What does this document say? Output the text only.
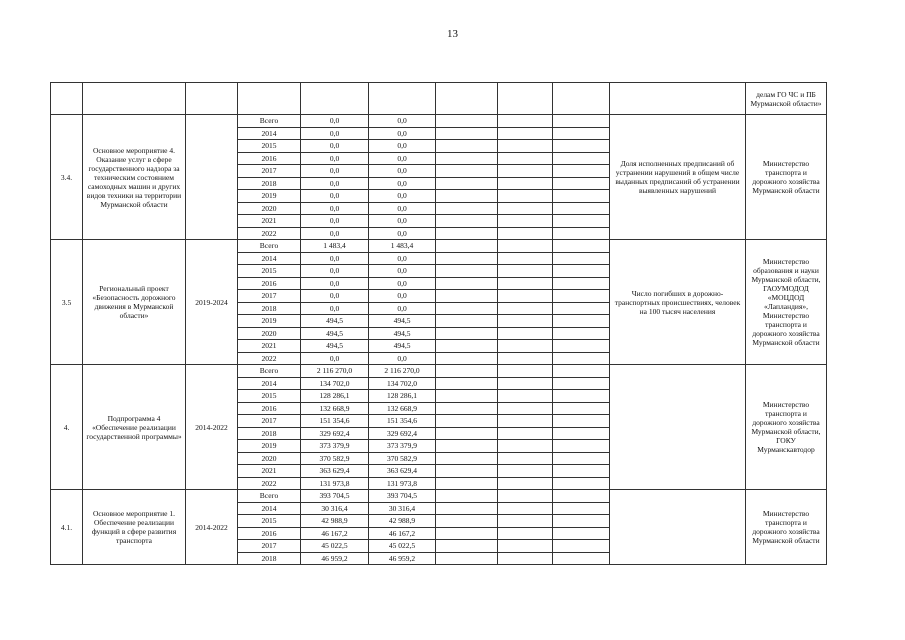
13
										делам ГО ЧС и ПБ Мурманской области»
3.4.	Основное мероприятие 4. Оказание услуг в сфере государственного надзора за техническим состоянием самоходных машин и других видов техники на территории Мурманской области		Всего	0,0	0,0				Доля исполненных предписаний об устранении нарушений в общем числе выданных предписаний об устранении выявленных нарушений	Министерство транспорта и дорожного хозяйства Мурманской области
			2014	0,0	0,0					
			2015	0,0	0,0					
			2016	0,0	0,0					
			2017	0,0	0,0					
			2018	0,0	0,0					
			2019	0,0	0,0					
			2020	0,0	0,0					
			2021	0,0	0,0					
			2022	0,0	0,0					
3.5	Региональный проект «Безопасность дорожного движения в Мурманской области»	2019-2024	Всего	1 483,4	1 483,4				Число погибших в дорожно-транспортных происшествиях, человек на 100 тысяч населения	Министерство образования и науки Мурманской области, ГАОУМОДОД «МОЦДОД «Лапландия», Министерство транспорта и дорожного хозяйства Мурманской области
			2014	0,0	0,0					
			2015	0,0	0,0					
			2016	0,0	0,0					
			2017	0,0	0,0					
			2018	0,0	0,0					
			2019	494,5	494,5					
			2020	494,5	494,5					
			2021	494,5	494,5					
			2022	0,0	0,0					
4.	Подпрограмма 4 «Обеспечение реализации государственной программы»	2014-2022	Всего	2 116 270,0	2 116 270,0					Министерство транспорта и дорожного хозяйства Мурманской области, ГОКУ Мурманскавтодор
			2014	134 702,0	134 702,0					
			2015	128 286,1	128 286,1					
			2016	132 668,9	132 668,9					
			2017	151 354,6	151 354,6					
			2018	329 692,4	329 692,4					
			2019	373 379,9	373 379,9					
			2020	370 582,9	370 582,9					
			2021	363 629,4	363 629,4					
			2022	131 973,8	131 973,8					
4.1.	Основное мероприятие 1. Обеспечение реализации функций в сфере развития транспорта	2014-2022	Всего	393 704,5	393 704,5					Министерство транспорта и дорожного хозяйства Мурманской области
			2014	30 316,4	30 316,4					
			2015	42 988,9	42 988,9					
			2016	46 167,2	46 167,2					
			2017	45 022,5	45 022,5					
			2018	46 959,2	46 959,2					
